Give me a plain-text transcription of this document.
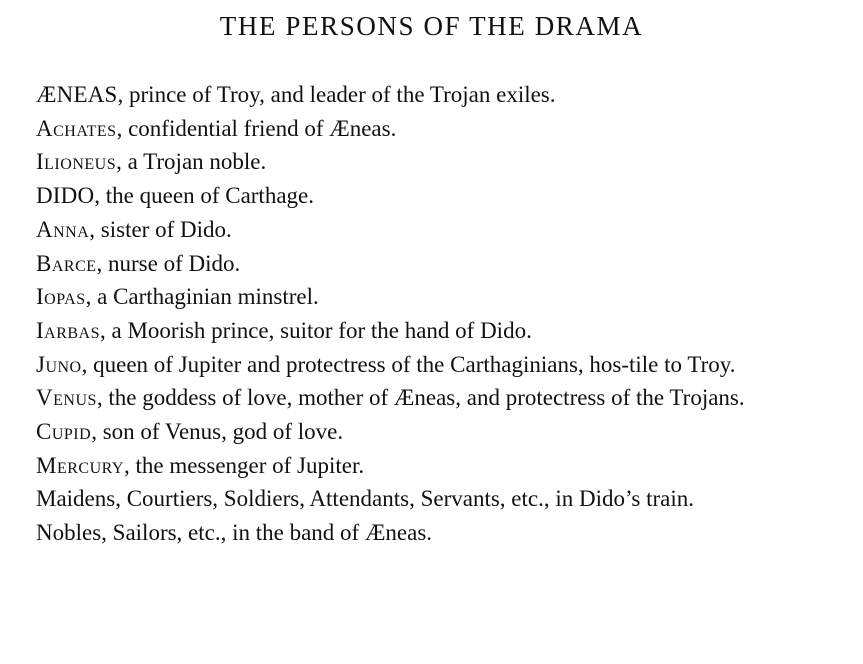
THE PERSONS OF THE DRAMA
ÆNEAS, prince of Troy, and leader of the Trojan exiles.
Achates, confidential friend of Æneas.
Ilioneus, a Trojan noble.
DIDO, the queen of Carthage.
Anna, sister of Dido.
Barce, nurse of Dido.
Iopas, a Carthaginian minstrel.
Iarbas, a Moorish prince, suitor for the hand of Dido.
Juno, queen of Jupiter and protectress of the Carthaginians, hos-tile to Troy.
Venus, the goddess of love, mother of Æneas, and protectress of the Trojans.
Cupid, son of Venus, god of love.
Mercury, the messenger of Jupiter.
Maidens, Courtiers, Soldiers, Attendants, Servants, etc., in Dido’s train.
Nobles, Sailors, etc., in the band of Æneas.
